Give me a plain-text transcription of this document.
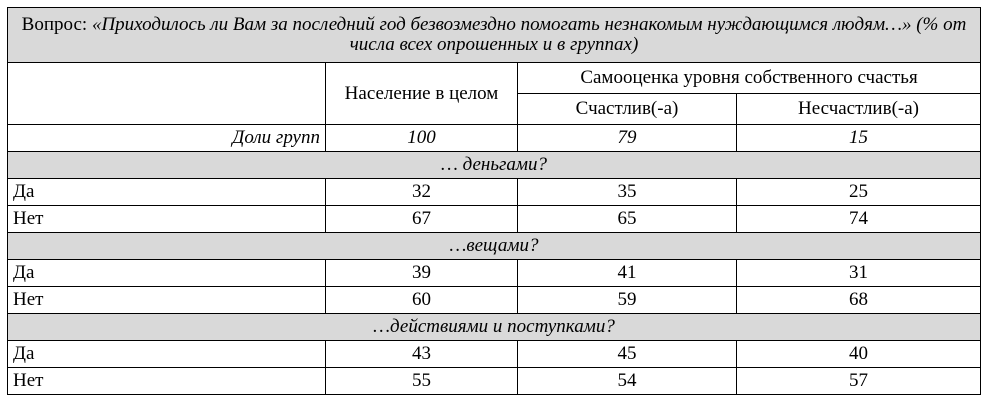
Вопрос: «Приходилось ли Вам за последний год безвозмездно помогать незнакомым нуждающимся людям…» (% от числа всех опрошенных и в группах)			
	Население в целом	Самооценка уровня собственного счастья	
		Счастлив(-а)	Несчастлив(-а)
Доли групп	100	79	15
… деньгами?			
Да	32	35	25
Нет	67	65	74
…вещами?			
Да	39	41	31
Нет	60	59	68
…действиями и поступками?			
Да	43	45	40
Нет	55	54	57
